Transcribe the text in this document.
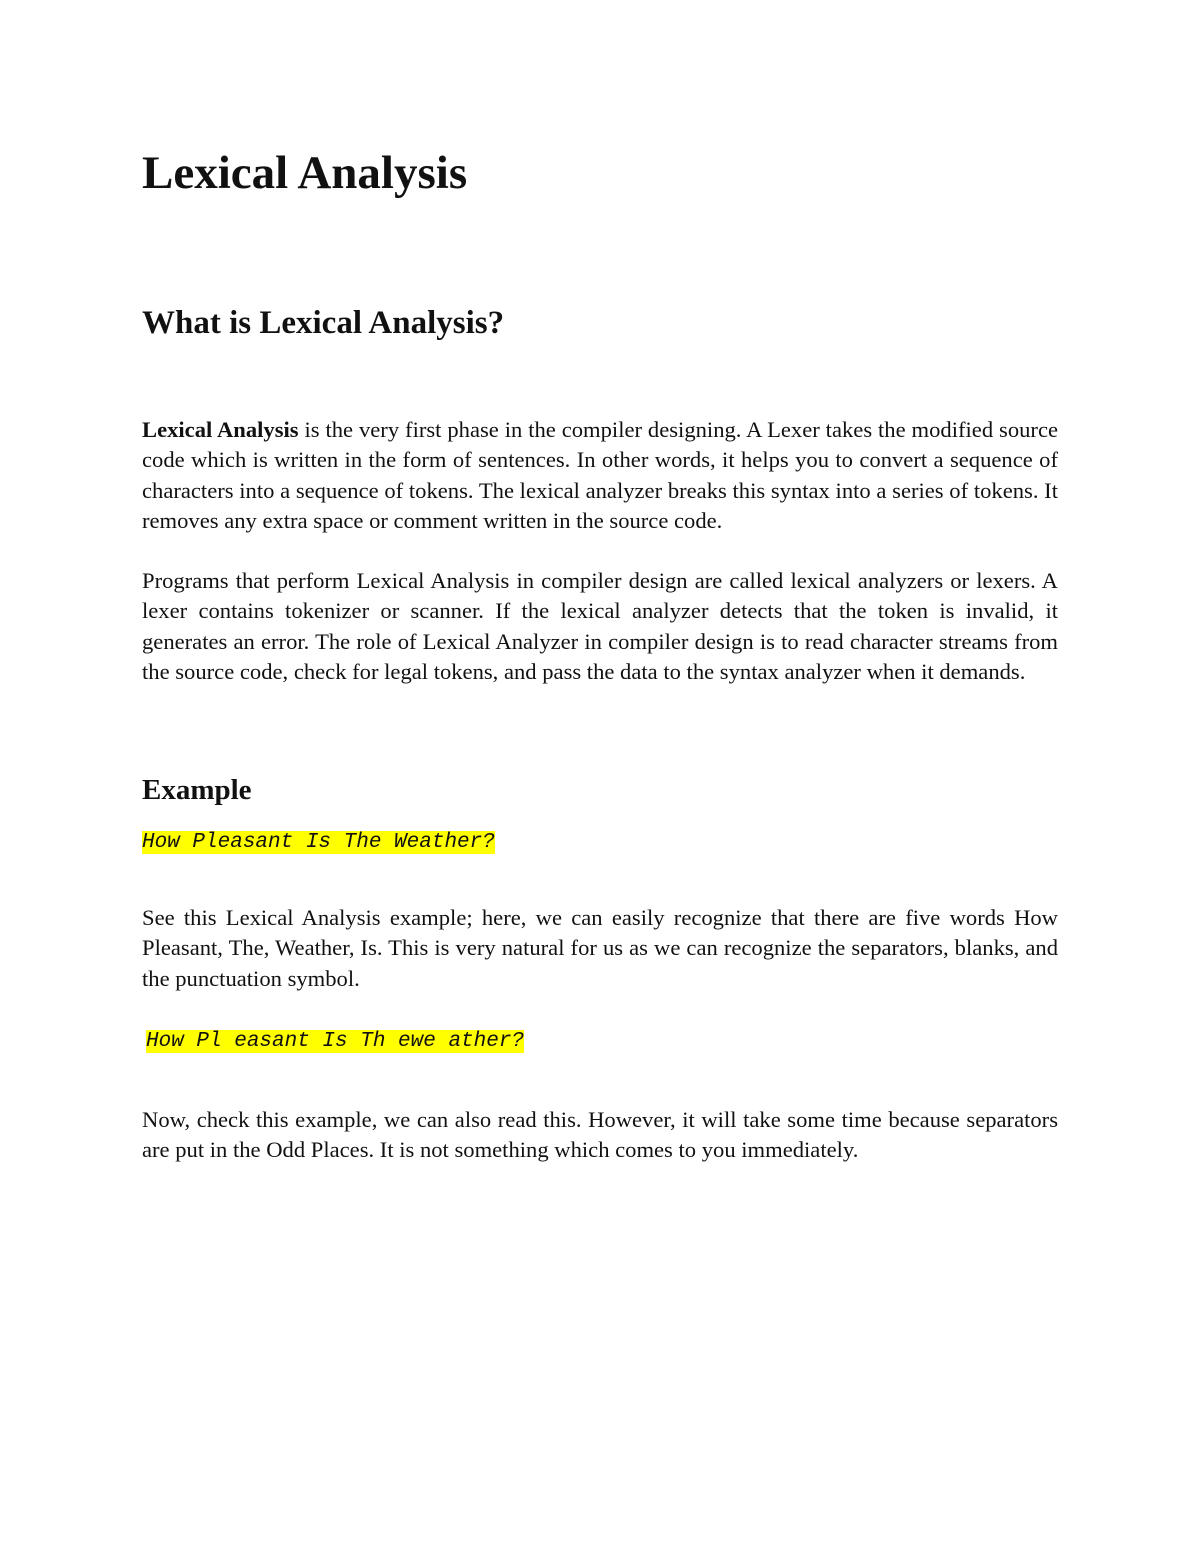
Lexical Analysis
What is Lexical Analysis?

Lexical Analysis is the very first phase in the compiler designing. A Lexer takes the modified source code which is written in the form of sentences. In other words, it helps you to convert a sequence of characters into a sequence of tokens. The lexical analyzer breaks this syntax into a series of tokens. It removes any extra space or comment written in the source code.

Programs that perform Lexical Analysis in compiler design are called lexical analyzers or lexers. A lexer contains tokenizer or scanner. If the lexical analyzer detects that the token is invalid, it generates an error. The role of Lexical Analyzer in compiler design is to read character streams from the source code, check for legal tokens, and pass the data to the syntax analyzer when it demands.

Example

How Pleasant Is The Weather?

See this Lexical Analysis example; here, we can easily recognize that there are five words How Pleasant, The, Weather, Is. This is very natural for us as we can recognize the separators, blanks, and the punctuation symbol.

How Pl easant Is Th ewe ather?

Now, check this example, we can also read this. However, it will take some time because separators are put in the Odd Places. It is not something which comes to you immediately.
